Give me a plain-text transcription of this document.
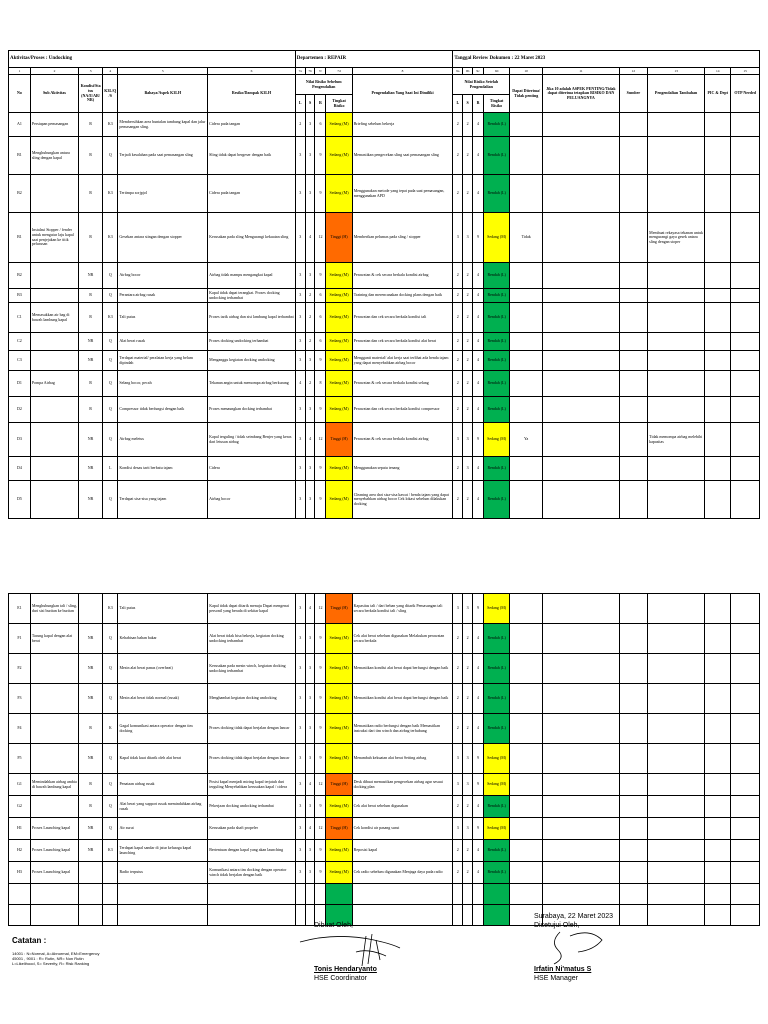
Aktivitas/Proses : Undocking						Departemen : REPAIR					Tanggal Review Dokumen : 22 Maret 2023									
1	2	3	4	5	6	7a	7b	7c	7d	8	9a	9b	9c	9d	10	11	12	13	14	15
No	Sub Aktivitas	Kondisi/Status (NA/E/AR/NR)	K3L/Q/S	Bahaya/Aspek K3LH	Resiko/Dampak K3LH	Nilai Risiko Sebelum Pengendalian				Pengendalian Yang Saat Ini Dimiliki	Nilai Risiko Setelah Pengendalian				Dapat Diterima/ Tidak penting	Jika 10 adalah ASPEK PENTING/Tidak dapat diterima tetapkan RISIKO DAN PELUANGNYA	Sumber	Pengendalian Tambahan	PIC & Dept	OTP Needed
						L	S	R	Tingkat Risiko		L	S	R	Tingkat Risiko						
A1	Persiapan pemasangan	R	K3	Membersihkan area buntalan tambang kapal dan jalur pemasangan sling.	Cidera pada tangan	2	3	6	Sedang (M)	Briefing sebelum bekerja	2	2	4	Rendah (L)						
B1	Menghubungkan antara sling dengan kapal	R	Q	Terjadi kesalahan pada saat pemasangan sling	Sling tidak dapat bergeser dengan baik	3	3	9	Sedang (M)	Memastikan pengecekan sling saat pemasangan sling	2	2	4	Rendah (L)						
B2		R	K3	Tertimpa sorjpjol	Cidera pada tangan	3	3	9	Sedang (M)	Menggunakan metode yang tepat pada saat pemasangan, menggunakan APD	2	2	4	Rendah (L)						
B1	Instalasi Stopper / fender untuk mengatur laju kapal saat penjejakan ke titik pelurusan	R	K3	Gesekan antara stingan dengan stopper	Kerusakan pada sling Mengurangi kekuatan sling	3	4	12	Tinggi (H)	Memberikan pelumas pada sling / stopper	3	3	9	Sedang (M)	Tidak			Membuat rekayasa tekanan untuk mengurangi gaya gesek antara sling dengan stoper		
B2		NR	Q	Airbag bocor	Airbag tidak mampu mengangkat kapal	3	3	9	Sedang (M)	Perawatan & cek secara berkala kondisi airbag	2	2	4	Rendah (L)						
B3		R	Q	Perantara airbag rusak	Kapal tidak dapat terangkat. Proses docking undocking terhambat	3	2	6	Sedang (M)	Training dan merencanakan docking plans dengan baik	2	2	4	Rendah (L)						
C1	Memasukkan air bag di bawah lambung kapal	R	K3	Tali putus	Proses tarik airbag dan sisi lambung kapal terhambat	3	2	6	Sedang (M)	Perawatan dan cek secara berkala kondisi tali	2	2	4	Rendah (L)						
C2		NR	Q	Alat berat rusak	Proses docking undocking terhambat	3	2	6	Sedang (M)	Perawatan dan cek secara berkala kondisi alat berat	2	2	4	Rendah (L)						
C3		NR	Q	Terdapat material/ peralatan kerja yang belum dipindah	Menganggu kegiatan docking undocking	3	3	9	Sedang (M)	Mengganti material/ alat kerja saat terlihat ada benda tajam yang dapat menyebabkan airbag bocor	2	2	4	Rendah (L)						
D1	Pompa Airbag	R	Q	Selang bocor, pecah	Tekanan angin untuk memompa airbag berkurang	4	2	8	Sedang (M)	Perawatan & cek secara berkala kondisi selang	2	2	4	Rendah (L)						
D2		R	Q	Compressor tidak berfungsi dengan baik	Proses menaungkan docking terhambat	3	3	9	Sedang (M)	Perawatan dan cek secara berkala kondisi compressor	2	2	4	Rendah (L)						
D3		NR	Q	Airbag meletus	Kapal terguling / tidak seimbang Benjer yang keras dari letusan airbag	3	4	12	Tinggi (H)	Perawatan & cek secara berkala kondisi airbag	3	3	9	Sedang (M)	Ya			Tidak memompa airbag melebihi kapasitas		
D4		NR	L	Kondisi desau tarit berbatu tajam	Cidera	3	3	9	Sedang (M)	Menggunakan sepatu tenang	2	3	4	Rendah (L)						
D5		NR	Q	Terdapat sisa-sisa yang tajam	Airbag bocor	3	3	9	Sedang (M)	Cleaning area dari sisa-sisa kawat / benda tajam yang dapat menyebabkan airbag bocor Cek lokasi sebelum dilakukan docking	2	2	4	Rendah (L)						
E1	Menghubungkan tali / sling, dari sisi buritan ke buritan		K3	Tali putus	Kapal tidak dapat ditarik menuju Dapat mengenai personil yang berada di sekitar kapal	3	4	12	Tinggi (H)	Kapasitas tali / dari beban yang ditarik Pemasangan tali secara berkala kondisi tali / sling	3	3	9	Sedang (M)						
F1	Tarung kapal dengan alat berat	NR	Q	Kehabisan bahan bakar	Alat berat tidak bisa bekerja, kegiatan docking undocking terhambat	3	3	9	Sedang (M)	Cek alat berat sebelum digunakan Melakukan perawatan secara berkala	2	2	4	Rendah (L)						
F2		NR	Q	Mesin alat berat panas (overheat)	Kerusakan pada mesin winch, kegiatan docking undocking terhambat	3	3	9	Sedang (M)	Memastikan kondisi alat berat dapat berfungsi dengan baik	2	2	4	Rendah (L)						
F3		NR	Q	Mesin alat berat tidak normal (rusak)	Menghambat kegiatan docking undocking	3	3	9	Sedang (M)	Memastikan kondisi alat berat dapat berfungsi dengan baik	2	2	4	Rendah (L)						
F4		R	K	Gagal komunikasi antara operator dengan tim docking	Proses docking tidak dapat berjalan dengan lancar	3	3	9	Sedang (M)	Memastikan radio berfungsi dengan baik Memastikan instruksi dari tim winch dan airbag terhubung	2	2	4	Rendah (L)						
F5		NR	Q	Kapal tidak kuat ditarik oleh alat berat	Proses docking tidak dapat berjalan dengan lancar	3	3	9	Sedang (M)	Menambah kekuatan alat berat Setting airbag	3	3	9	Sedang (M)						
G1	Memindahkan airbag ambia di bawah lambung kapal	R	Q	Penataan airbag rusak	Posisi kapal menjadi miring kapal terjatuh dari terguling Menyebabkan kerusakan kapal / cidera	3	4	12	Tinggi (H)	Desk dibuat memastikan pengecekan airbag agar sesuai docking plan	3	3	9	Sedang (M)						
G2		R	Q	Alat berat yang support rusak memindahkan airbag rusak	Pekerjaan docking undocking terhambat	3	3	9	Sedang (M)	Cek alat berat sebelum digunakan	2	2	4	Rendah (L)						
H1	Proses Launching kapal	NR	Q	Air surut	Kerusakan pada shaft propeler	3	4	12	Tinggi (H)	Cek kondisi air pasang surut	3	3	9	Sedang (M)						
H2	Proses Launching kapal	NR	K3	Terdapat kapal sandar di jatur keluarga kapal launching	Bertentuan dengan kapal yang akan launching	3	3	9	Sedang (M)	Reposisi kapal	2	2	4	Rendah (L)						
H3	Proses Launching kapal			Radio terputus	Komunikasi antara tim docking dengan operator winch tidak berjalan dengan baik	3	3	9	Sedang (M)	Cek radio sebelum digunakan Menjaga daya pada radio	2	2	4	Rendah (L)						

Catatan :
14001 : N=Normal, A=Abnormal, EM=Emergency
45001 , 9001 : R= Rutin, NR= Non Rutin
L=Likelihood, S= Severity, R= Risk Ranking
Dibuat Oleh,
Tonis Hendaryanto
HSE Coordinator
Surabaya, 22 Maret 2023
Disetujui Oleh,
Irfatin Ni'matus S
HSE Manager
